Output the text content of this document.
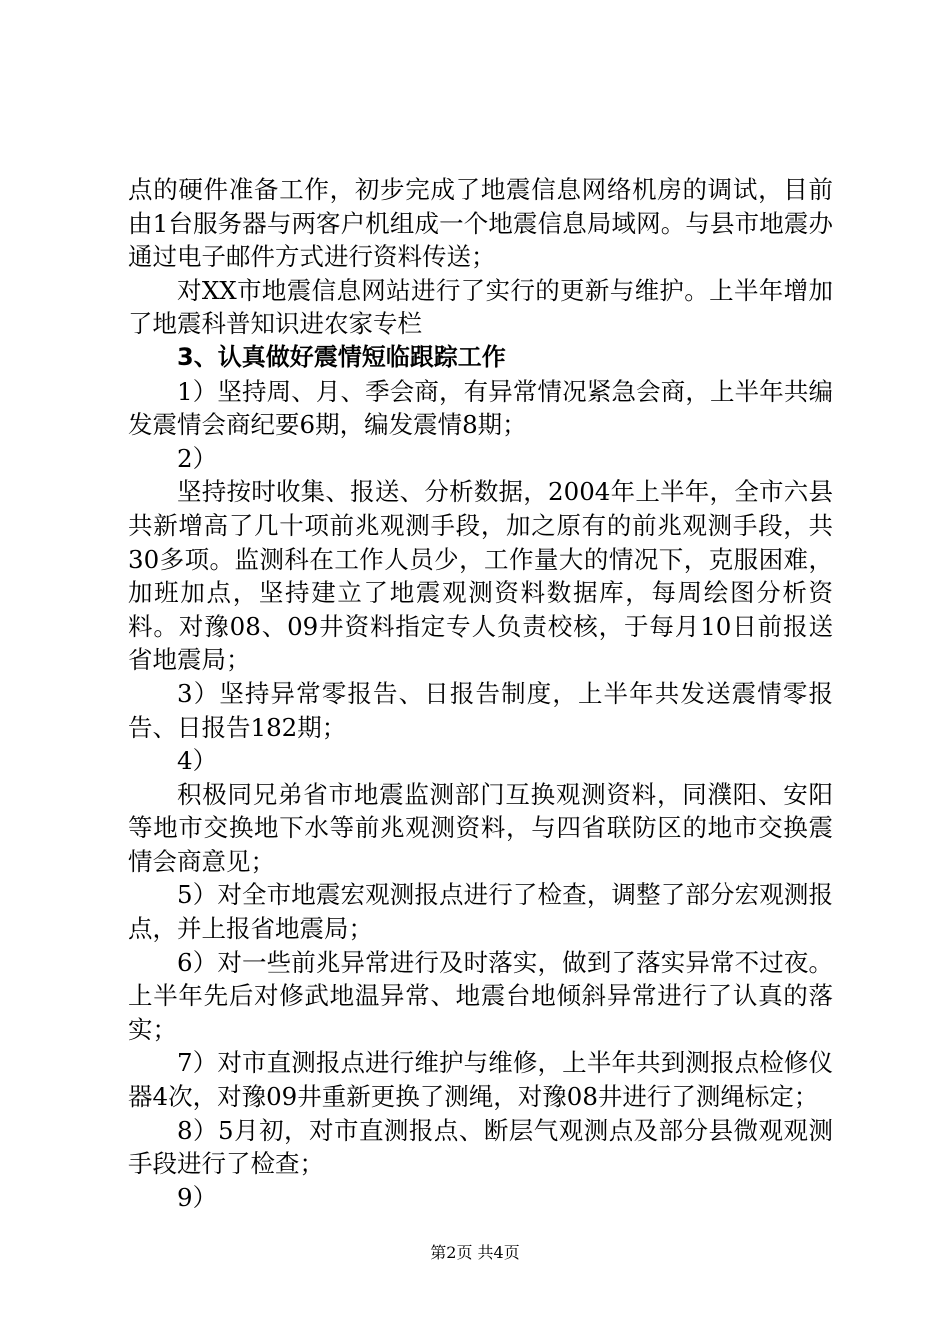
点的硬件准备工作，初步完成了地震信息网络机房的调试，目前由1台服务器与两客户机组成一个地震信息局域网。与县市地震办通过电子邮件方式进行资料传送；

对XX市地震信息网站进行了实行的更新与维护。上半年增加了地震科普知识进农家专栏

3、认真做好震情短临跟踪工作

1）坚持周、月、季会商，有异常情况紧急会商，上半年共编发震情会商纪要6期，编发震情8期；

2）

坚持按时收集、报送、分析数据，2004年上半年，全市六县共新增高了几十项前兆观测手段，加之原有的前兆观测手段，共30多项。监测科在工作人员少，工作量大的情况下，克服困难，加班加点，坚持建立了地震观测资料数据库，每周绘图分析资料。对豫08、09井资料指定专人负责校核，于每月10日前报送省地震局；

3）坚持异常零报告、日报告制度，上半年共发送震情零报告、日报告182期；

4）

积极同兄弟省市地震监测部门互换观测资料，同濮阳、安阳等地市交换地下水等前兆观测资料，与四省联防区的地市交换震情会商意见；

5）对全市地震宏观测报点进行了检查，调整了部分宏观测报点，并上报省地震局；

6）对一些前兆异常进行及时落实，做到了落实异常不过夜。上半年先后对修武地温异常、地震台地倾斜异常进行了认真的落实；

7）对市直测报点进行维护与维修，上半年共到测报点检修仪器4次，对豫09井重新更换了测绳，对豫08井进行了测绳标定；

8）5月初，对市直测报点、断层气观测点及部分县微观观测手段进行了检查；

9）

第2页 共4页
